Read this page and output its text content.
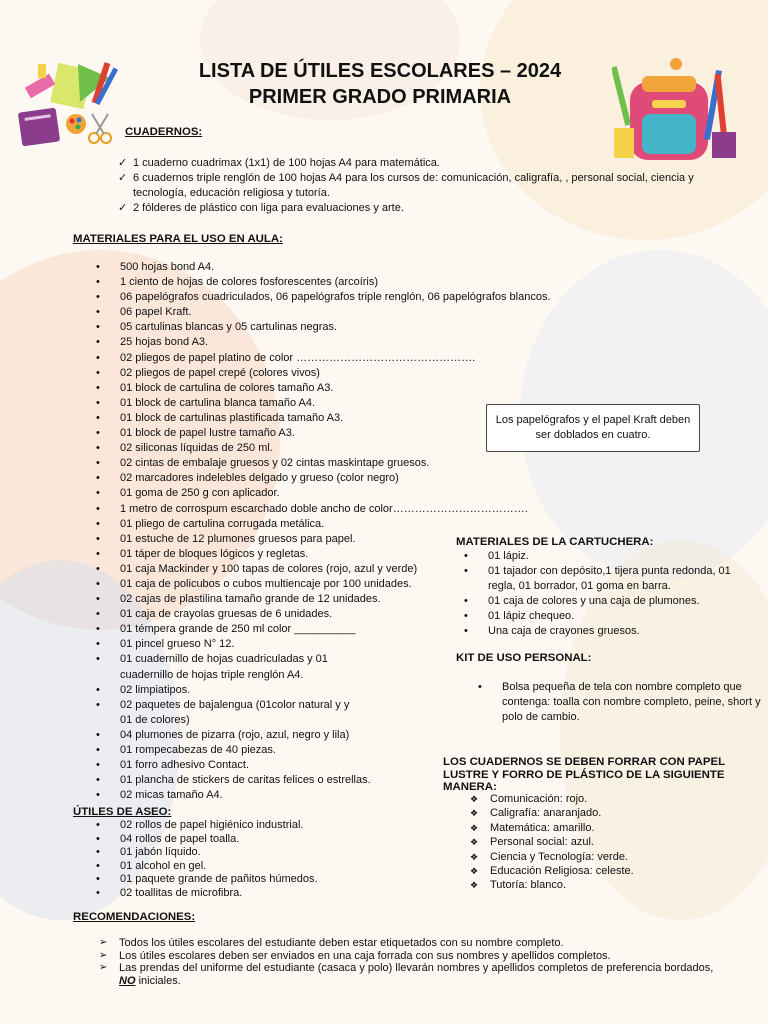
LISTA DE ÚTILES ESCOLARES – 2024
PRIMER GRADO PRIMARIA
CUADERNOS:
✓ 1 cuaderno cuadrimax (1x1) de 100 hojas A4 para matemática.
✓ 6 cuadernos triple renglón de 100 hojas A4 para los cursos de: comunicación, caligrafía, , personal social, ciencia y tecnología, educación religiosa y tutoría.
✓ 2 fólderes de plástico con liga para evaluaciones y arte.
MATERIALES PARA EL USO EN AULA:
• 500 hojas bond A4.
• 1 ciento de hojas de colores fosforescentes (arcoíris)
• 06 papelógrafos cuadriculados, 06 papelógrafos triple renglón, 06 papelógrafos blancos.
• 06 papel Kraft.
• 05 cartulinas blancas y 05 cartulinas negras.
• 25 hojas bond A3.
• 02 pliegos de papel platino de color ………………………………………….
• 02 pliegos de papel crepé (colores vivos)
• 01 block de cartulina de colores tamaño A3.
• 01 block de cartulina blanca tamaño A4.
• 01 block de cartulinas plastificada tamaño A3.
• 01 block de papel lustre tamaño A3.
• 02 siliconas líquidas de 250 ml.
• 02 cintas de embalaje gruesos y 02 cintas maskintape gruesos.
• 02 marcadores indelebles delgado y grueso (color negro)
• 01 goma de 250 g con aplicador.
• 1 metro de corrospum escarchado doble ancho de color……………………………….
• 01 pliego de cartulina corrugada metálica.
• 01 estuche de 12 plumones gruesos para papel.
• 01 táper de bloques lógicos y regletas.
• 01 caja Mackinder y 100 tapas de colores (rojo, azul y verde)
• 01 caja de policubos o cubos multiencaje por 100 unidades.
• 02 cajas de plastilina tamaño grande de 12 unidades.
• 01 caja de crayolas gruesas de 6 unidades.
• 01 témpera grande de 250 ml color __________
• 01 pincel grueso N° 12.
• 01 cuadernillo de hojas cuadriculadas y 01 cuadernillo de hojas triple renglón A4.
• 02 limpiatipos.
• 02 paquetes de bajalengua (01color natural y y 01 de colores)
• 04 plumones de pizarra (rojo, azul, negro y lila)
• 01 rompecabezas de 40 piezas.
• 01 forro adhesivo Contact.
• 01 plancha de stickers de caritas felices o estrellas.
• 02 micas tamaño A4.
Los papelógrafos y el papel Kraft deben ser doblados en cuatro.
MATERIALES DE LA CARTUCHERA:
• 01 lápiz.
• 01 tajador con depósito,1 tijera punta redonda, 01 regla, 01 borrador, 01 goma en barra.
• 01 caja de colores y una caja de plumones.
• 01 lápiz chequeo.
• Una caja de crayones gruesos.
KIT DE USO PERSONAL:
• Bolsa pequeña de tela con nombre completo que contenga: toalla con nombre completo, peine, short y polo de cambio.
LOS CUADERNOS SE DEBEN FORRAR CON PAPEL LUSTRE Y FORRO DE PLÁSTICO DE LA SIGUIENTE MANERA:
❖ Comunicación: rojo.
❖ Caligrafía: anaranjado.
❖ Matemática: amarillo.
❖ Personal social: azul.
❖ Ciencia y Tecnología: verde.
❖ Educación Religiosa: celeste.
❖ Tutoría: blanco.
ÚTILES DE ASEO:
• 02 rollos de papel higiénico industrial.
• 04 rollos de papel toalla.
• 01 jabón líquido.
• 01 alcohol en gel.
• 01 paquete grande de pañitos húmedos.
• 02 toallitas de microfibra.
RECOMENDACIONES:
➢ Todos los útiles escolares del estudiante deben estar etiquetados con su nombre completo.
➢ Los útiles escolares deben ser enviados en una caja forrada con sus nombres y apellidos completos.
➢ Las prendas del uniforme del estudiante (casaca y polo) llevarán nombres y apellidos completos de preferencia bordados, NO iniciales.
